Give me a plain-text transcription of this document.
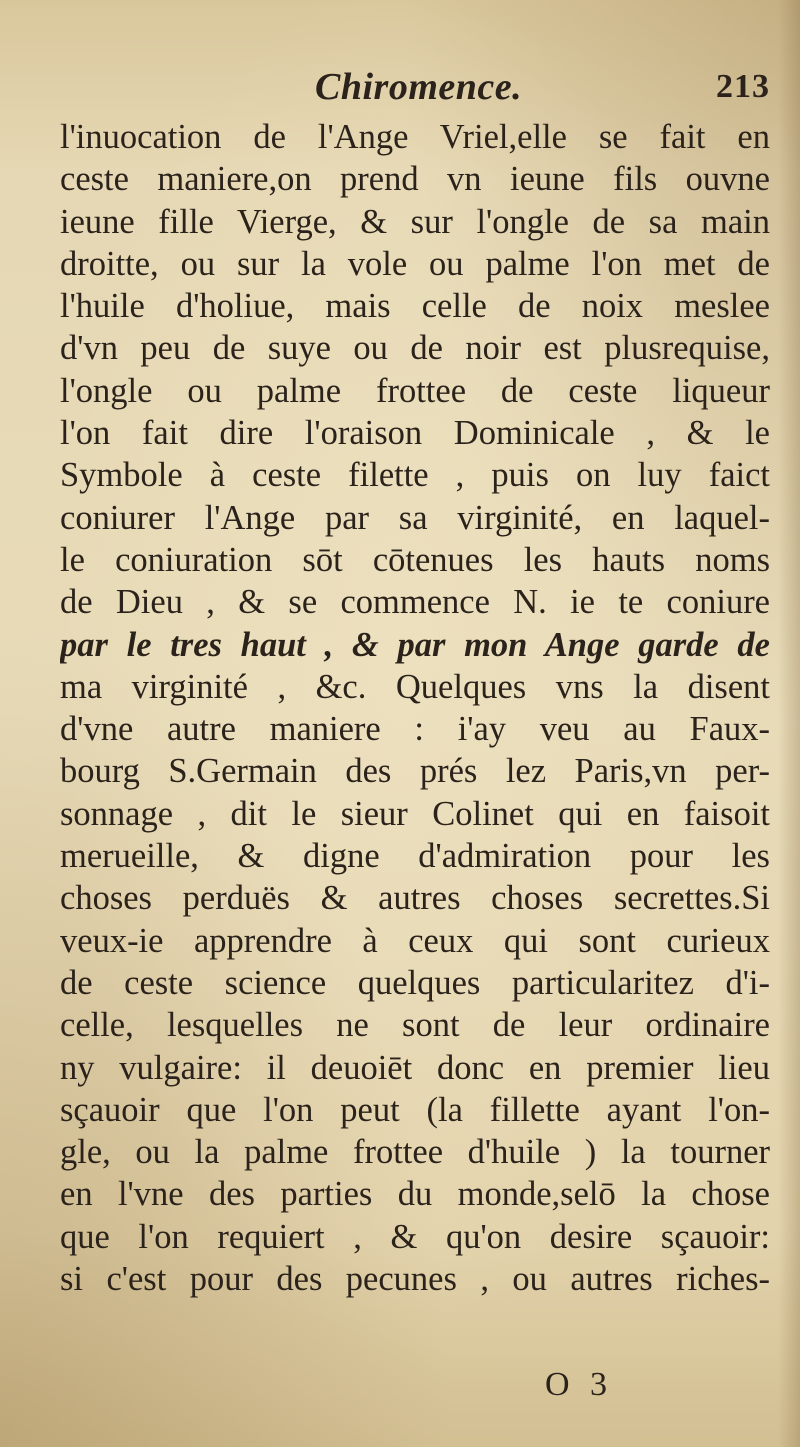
Chiromence.	213
l'inuocation de l'Ange Vriel,elle se fait en
ceste maniere,on prend vn ieune fils ouvne
ieune fille Vierge, & sur l'ongle de sa main
droitte, ou sur la vole ou palme l'on met de
l'huile d'holiue, mais celle de noix meslee
d'vn peu de suye ou de noir est plusrequise,
l'ongle ou palme frottee de ceste liqueur
l'on fait dire l'oraison Dominicale , & le
Symbole à ceste filette , puis on luy faict
coniurer l'Ange par sa virginité, en laquel-
le coniuration sōt cōtenues les hauts noms
de Dieu , & se commence N. ie te coniure
par le tres haut , & par mon Ange garde de
ma virginité , &c. Quelques vns la disent
d'vne autre maniere : i'ay veu au Faux-
bourg S.Germain des prés lez Paris,vn per-
sonnage , dit le sieur Colinet qui en faisoit
merueille, & digne d'admiration pour les
choses perduës & autres choses secrettes.Si
veux-ie apprendre à ceux qui sont curieux
de ceste science quelques particularitez d'i-
celle, lesquelles ne sont de leur ordinaire
ny vulgaire: il deuoiēt donc en premier lieu
sçauoir que l'on peut (la fillette ayant l'on-
gle, ou la palme frottee d'huile ) la tourner
en l'vne des parties du monde,selō la chose
que l'on requiert , & qu'on desire sçauoir:
si c'est pour des pecunes , ou autres riches-
O 3
